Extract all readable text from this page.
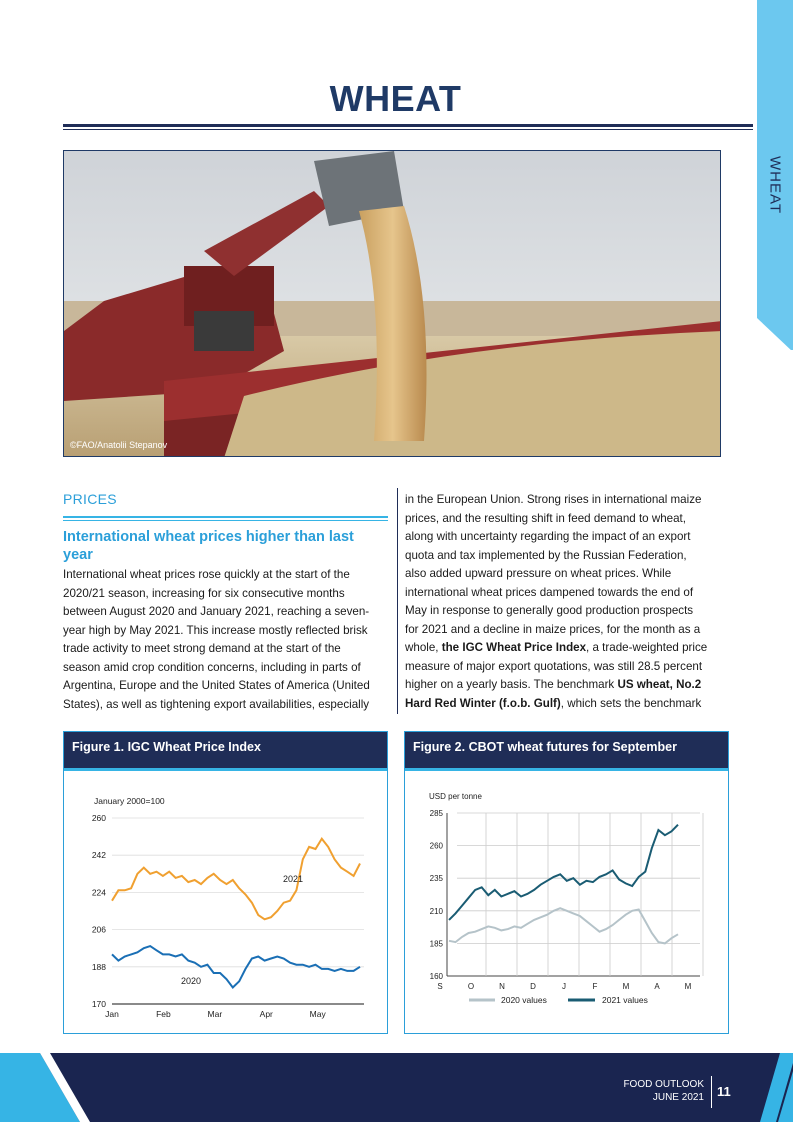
WHEAT
WHEAT
©FAO/Anatolii Stepanov
PRICES
International wheat prices higher than last year
International wheat prices rose quickly at the start of the
2020/21 season, increasing for six consecutive months
between August 2020 and January 2021, reaching a seven-
year high by May 2021. This increase mostly reflected brisk
trade activity to meet strong demand at the start of the
season amid crop condition concerns, including in parts of
Argentina, Europe and the United States of America (United
States), as well as tightening export availabilities, especially
in the European Union. Strong rises in international maize
prices, and the resulting shift in feed demand to wheat,
along with uncertainty regarding the impact of an export
quota and tax implemented by the Russian Federation,
also added upward pressure on wheat prices. While
international wheat prices dampened towards the end of
May in response to generally good production prospects
for 2021 and a decline in maize prices, for the month as a
whole, the IGC Wheat Price Index, a trade-weighted price
measure of major export quotations, was still 28.5 percent
higher on a yearly basis. The benchmark US wheat, No.2
Hard Red Winter (f.o.b. Gulf), which sets the benchmark
Figure 1. IGC Wheat Price Index
January 2000=100
260
242
224
206
188
170
Jan	Feb	Mar	Apr	May
2021
2020
Figure 2. CBOT wheat futures for September
USD per tonne
285
260
235
210
185
160
S	O	N	D	J	F	M	A	M
2020 values	2021 values
FOOD OUTLOOK
JUNE 2021 11
